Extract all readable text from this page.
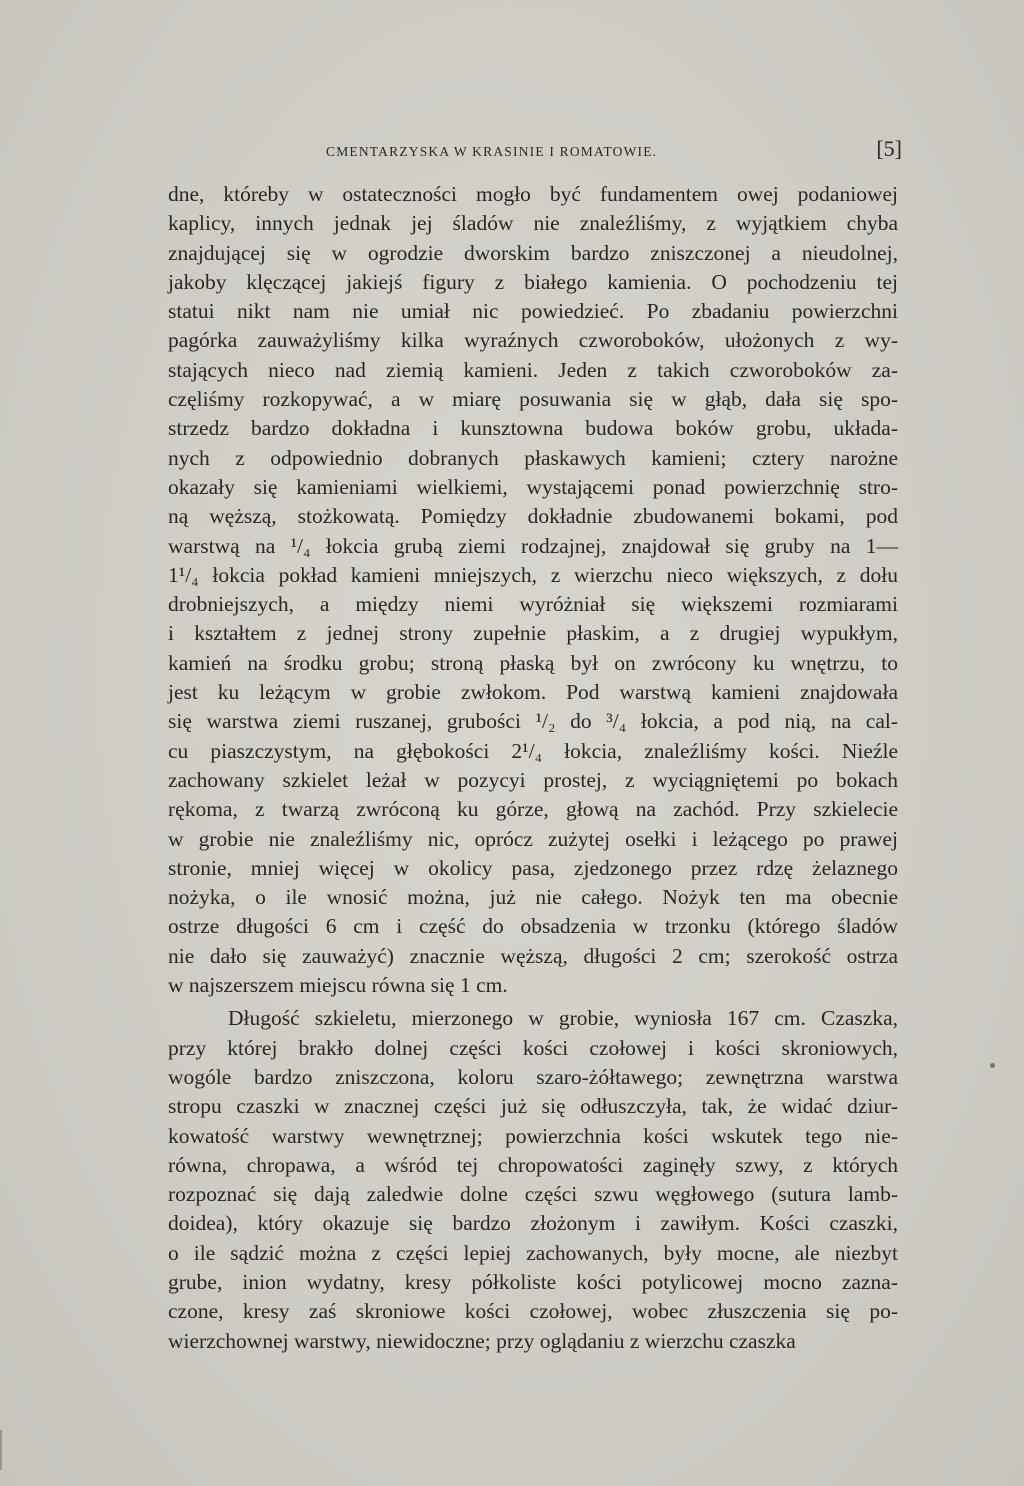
CMENTARZYSKA W KRASINIE I ROMATOWIE.	[5]

dne, któreby w ostateczności mogło być fundamentem owej podaniowej

kaplicy, innych jednak jej śladów nie znaleźliśmy, z wyjątkiem chyba

znajdującej się w ogrodzie dworskim bardzo zniszczonej a nieudolnej,

jakoby klęczącej jakiejś figury z białego kamienia. O pochodzeniu tej

statui nikt nam nie umiał nic powiedzieć. Po zbadaniu powierzchni

pagórka zauważyliśmy kilka wyraźnych czworoboków, ułożonych z wy-

stających nieco nad ziemią kamieni. Jeden z takich czworoboków za-

częliśmy rozkopywać, a w miarę posuwania się w głąb, dała się spo-

strzedz bardzo dokładna i kunsztowna budowa boków grobu, układa-

nych z odpowiednio dobranych płaskawych kamieni; cztery narożne

okazały się kamieniami wielkiemi, wystającemi ponad powierzchnię stro-

ną węższą, stożkowatą. Pomiędzy dokładnie zbudowanemi bokami, pod

warstwą na ¹/₄ łokcia grubą ziemi rodzajnej, znajdował się gruby na 1—

1¹/₄ łokcia pokład kamieni mniejszych, z wierzchu nieco większych, z dołu

drobniejszych, a między niemi wyróżniał się większemi rozmiarami

i kształtem z jednej strony zupełnie płaskim, a z drugiej wypukłym,

kamień na środku grobu; stroną płaską był on zwrócony ku wnętrzu, to

jest ku leżącym w grobie zwłokom. Pod warstwą kamieni znajdowała

się warstwa ziemi ruszanej, grubości ¹/₂ do ³/₄ łokcia, a pod nią, na cal-

cu piaszczystym, na głębokości 2¹/₄ łokcia, znaleźliśmy kości. Nieźle

zachowany szkielet leżał w pozycyi prostej, z wyciągniętemi po bokach

rękoma, z twarzą zwróconą ku górze, głową na zachód. Przy szkielecie

w grobie nie znaleźliśmy nic, oprócz zużytej osełki i leżącego po prawej

stronie, mniej więcej w okolicy pasa, zjedzonego przez rdzę żelaznego

nożyka, o ile wnosić można, już nie całego. Nożyk ten ma obecnie

ostrze długości 6 cm i część do obsadzenia w trzonku (którego śladów

nie dało się zauważyć) znacznie węższą, długości 2 cm; szerokość ostrza

w najszerszem miejscu równa się 1 cm.

Długość szkieletu, mierzonego w grobie, wyniosła 167 cm. Czaszka,

przy której brakło dolnej części kości czołowej i kości skroniowych,

wogóle bardzo zniszczona, koloru szaro-żółtawego; zewnętrzna warstwa

stropu czaszki w znacznej części już się odłuszczyła, tak, że widać dziur-

kowatość warstwy wewnętrznej; powierzchnia kości wskutek tego nie-

równa, chropawa, a wśród tej chropowatości zaginęły szwy, z których

rozpoznać się dają zaledwie dolne części szwu węgłowego (sutura lamb-

doidea), który okazuje się bardzo złożonym i zawiłym. Kości czaszki,

o ile sądzić można z części lepiej zachowanych, były mocne, ale niezbyt

grube, inion wydatny, kresy półkoliste kości potylicowej mocno zazna-

czone, kresy zaś skroniowe kości czołowej, wobec złuszczenia się po-

wierzchownej warstwy, niewidoczne; przy oglądaniu z wierzchu czaszka
